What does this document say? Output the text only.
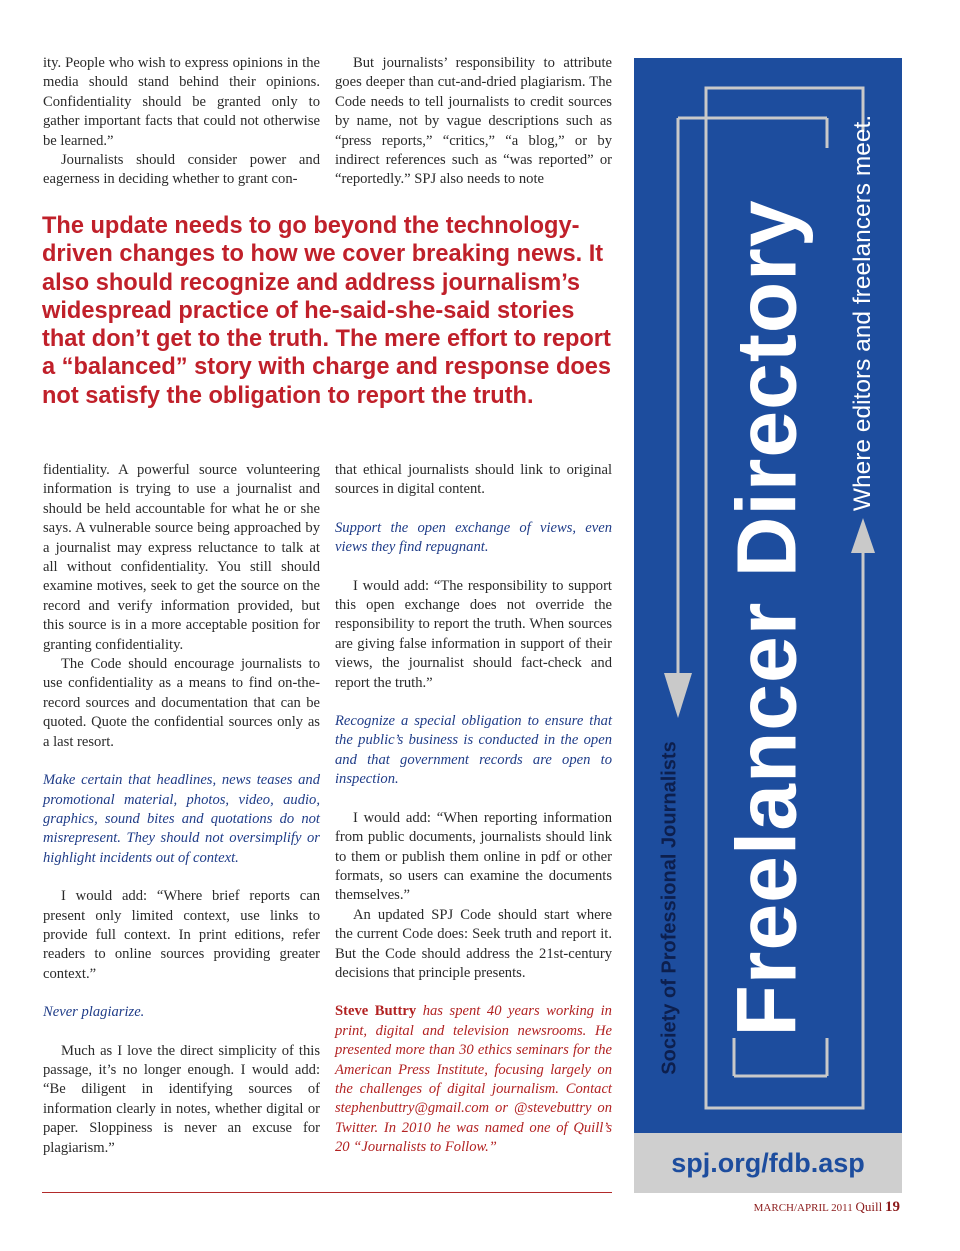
ity. People who wish to express opinions in the media should stand behind their opinions. Confidentiality should be granted only to gather important facts that could not otherwise be learned.”

Journalists should consider power and eagerness in deciding whether to grant con-

But journalists’ responsibility to attribute goes deeper than cut-and-dried plagiarism. The Code needs to tell journalists to credit sources by name, not by vague descriptions such as “press reports,” “critics,” “a blog,” or by indirect references such as “was reported” or “reportedly.” SPJ also needs to note

The update needs to go beyond the technology-driven changes to how we cover breaking news. It also should recognize and address journalism’s widespread practice of he-said-she-said stories that don’t get to the truth. The mere effort to report a “balanced” story with charge and response does not satisfy the obligation to report the truth.

fidentiality. A powerful source volunteering information is trying to use a journalist and should be held accountable for what he or she says. A vulnerable source being approached by a journalist may express reluctance to talk at all without confidentiality. You still should examine motives, seek to get the source on the record and verify information provided, but this source is in a more acceptable position for granting confidentiality.

The Code should encourage journalists to use confidentiality as a means to find on-the-record sources and documentation that can be quoted. Quote the confidential sources only as a last resort.

Make certain that headlines, news teases and promotional material, photos, video, audio, graphics, sound bites and quotations do not misrepresent. They should not oversimplify or highlight incidents out of context.

I would add: “Where brief reports can present only limited context, use links to provide full context. In print editions, refer readers to online sources providing greater context.”

Never plagiarize.

Much as I love the direct simplicity of this passage, it’s no longer enough. I would add: “Be diligent in identifying sources of information clearly in notes, whether digital or paper. Sloppiness is never an excuse for plagiarism.”

that ethical journalists should link to original sources in digital content.

Support the open exchange of views, even views they find repugnant.

I would add: “The responsibility to support this open exchange does not override the responsibility to report the truth. When sources are giving false information in support of their views, the journalist should fact-check and report the truth.”

Recognize a special obligation to ensure that the public’s business is conducted in the open and that government records are open to inspection.

I would add: “When reporting information from public documents, journalists should link to them or publish them online in pdf or other formats, so users can examine the documents themselves.”

An updated SPJ Code should start where the current Code does: Seek truth and report it. But the Code should address the 21st-century decisions that principle presents.

Steve Buttry has spent 40 years working in print, digital and television newsrooms. He presented more than 30 ethics seminars for the American Press Institute, focusing largely on the challenges of digital journalism. Contact stephenbuttry@gmail.com or @stevebuttry on Twitter. In 2010 he was named one of Quill’s 20 “Journalists to Follow.”

Freelancer Directory Where editors and freelancers meet.
Society of Professional Journalists
spj.org/fdb.asp
MARCH/APRIL 2011 Quill 19
